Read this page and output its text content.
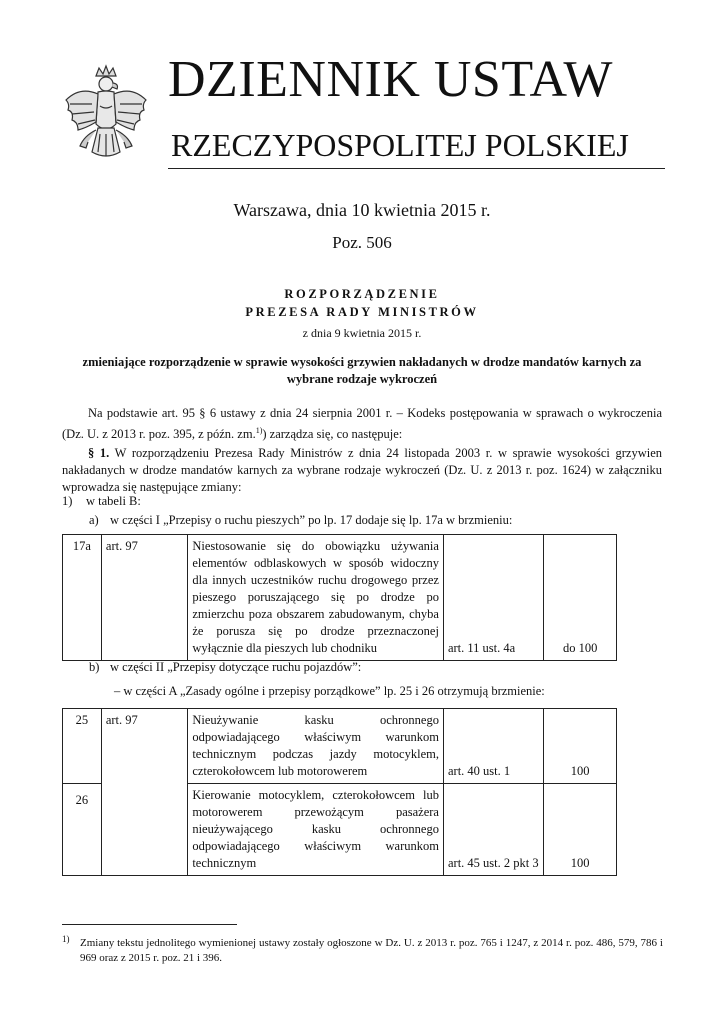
DZIENNIK USTAW
RZECZYPOSPOLITEJ POLSKIEJ
Warszawa, dnia 10 kwietnia 2015 r.
Poz. 506
ROZPORZĄDZENIE
PREZESA RADY MINISTRÓW
z dnia 9 kwietnia 2015 r.
zmieniające rozporządzenie w sprawie wysokości grzywien nakładanych w drodze mandatów karnych za wybrane rodzaje wykroczeń
Na podstawie art. 95 § 6 ustawy z dnia 24 sierpnia 2001 r. – Kodeks postępowania w sprawach o wykroczenia (Dz. U. z 2013 r. poz. 395, z późn. zm.$^{1)}$) zarządza się, co następuje:
§ 1. W rozporządzeniu Prezesa Rady Ministrów z dnia 24 listopada 2003 r. w sprawie wysokości grzywien nakładanych w drodze mandatów karnych za wybrane rodzaje wykroczeń (Dz. U. z 2013 r. poz. 1624) w załączniku wprowadza się następujące zmiany:
1) w tabeli B:
a) w części I „Przepisy o ruchu pieszych” po lp. 17 dodaje się lp. 17a w brzmieniu:
17a	art. 97	Niestosowanie się do obowiązku używania elementów odblaskowych w sposób widoczny dla innych uczestników ruchu drogowego przez pieszego poruszającego się po drodze po zmierzchu poza obszarem zabudowanym, chyba że porusza się po drodze przeznaczonej wyłącznie dla pieszych lub chodniku	art. 11 ust. 4a	do 100
b) w części II „Przepisy dotyczące ruchu pojazdów”:
– w części A „Zasady ogólne i przepisy porządkowe” lp. 25 i 26 otrzymują brzmienie:
25	art. 97	Nieużywanie kasku ochronnego odpowiadającego właściwym warunkom technicznym podczas jazdy motocyklem, czterokołowcem lub motorowerem	art. 40 ust. 1	100
26		Kierowanie motocyklem, czterokołowcem lub motorowerem przewożącym pasażera nieużywającego kasku ochronnego odpowiadającego właściwym warunkom technicznym	art. 45 ust. 2 pkt 3	100
1) Zmiany tekstu jednolitego wymienionej ustawy zostały ogłoszone w Dz. U. z 2013 r. poz. 765 i 1247, z 2014 r. poz. 486, 579, 786 i 969 oraz z 2015 r. poz. 21 i 396.
